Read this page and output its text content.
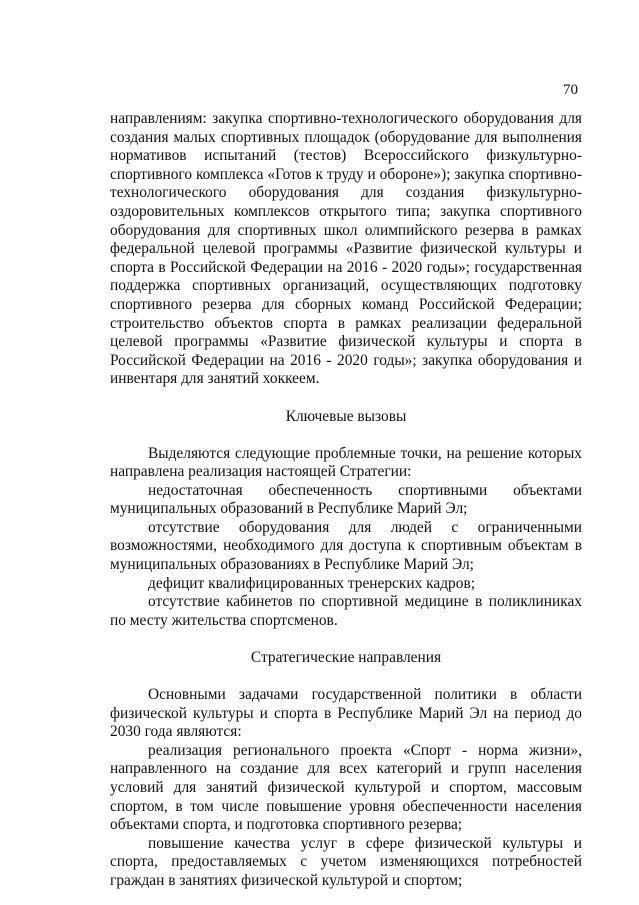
70

направлениям: закупка спортивно-технологического оборудования для создания малых спортивных площадок (оборудование для выполнения нормативов испытаний (тестов) Всероссийского физкультурно-спортивного комплекса «Готов к труду и обороне»); закупка спортивно-технологического оборудования для создания физкультурно-оздоровительных комплексов открытого типа; закупка спортивного оборудования для спортивных школ олимпийского резерва в рамках федеральной целевой программы «Развитие физической культуры и спорта в Российской Федерации на 2016 - 2020 годы»; государственная поддержка спортивных организаций, осуществляющих подготовку спортивного резерва для сборных команд Российской Федерации; строительство объектов спорта в рамках реализации федеральной целевой программы «Развитие физической культуры и спорта в Российской Федерации на 2016 - 2020 годы»; закупка оборудования и инвентаря для занятий хоккеем.

Ключевые вызовы

Выделяются следующие проблемные точки, на решение которых направлена реализация настоящей Стратегии:

недостаточная обеспеченность спортивными объектами муниципальных образований в Республике Марий Эл;

отсутствие оборудования для людей с ограниченными возможностями, необходимого для доступа к спортивным объектам в муниципальных образованиях в Республике Марий Эл;

дефицит квалифицированных тренерских кадров;

отсутствие кабинетов по спортивной медицине в поликлиниках по месту жительства спортсменов.

Стратегические направления

Основными задачами государственной политики в области физической культуры и спорта в Республике Марий Эл на период до 2030 года являются:

реализация регионального проекта «Спорт - норма жизни», направленного на создание для всех категорий и групп населения условий для занятий физической культурой и спортом, массовым спортом, в том числе повышение уровня обеспеченности населения объектами спорта, и подготовка спортивного резерва;

повышение качества услуг в сфере физической культуры и спорта, предоставляемых с учетом изменяющихся потребностей граждан в занятиях физической культурой и спортом;
